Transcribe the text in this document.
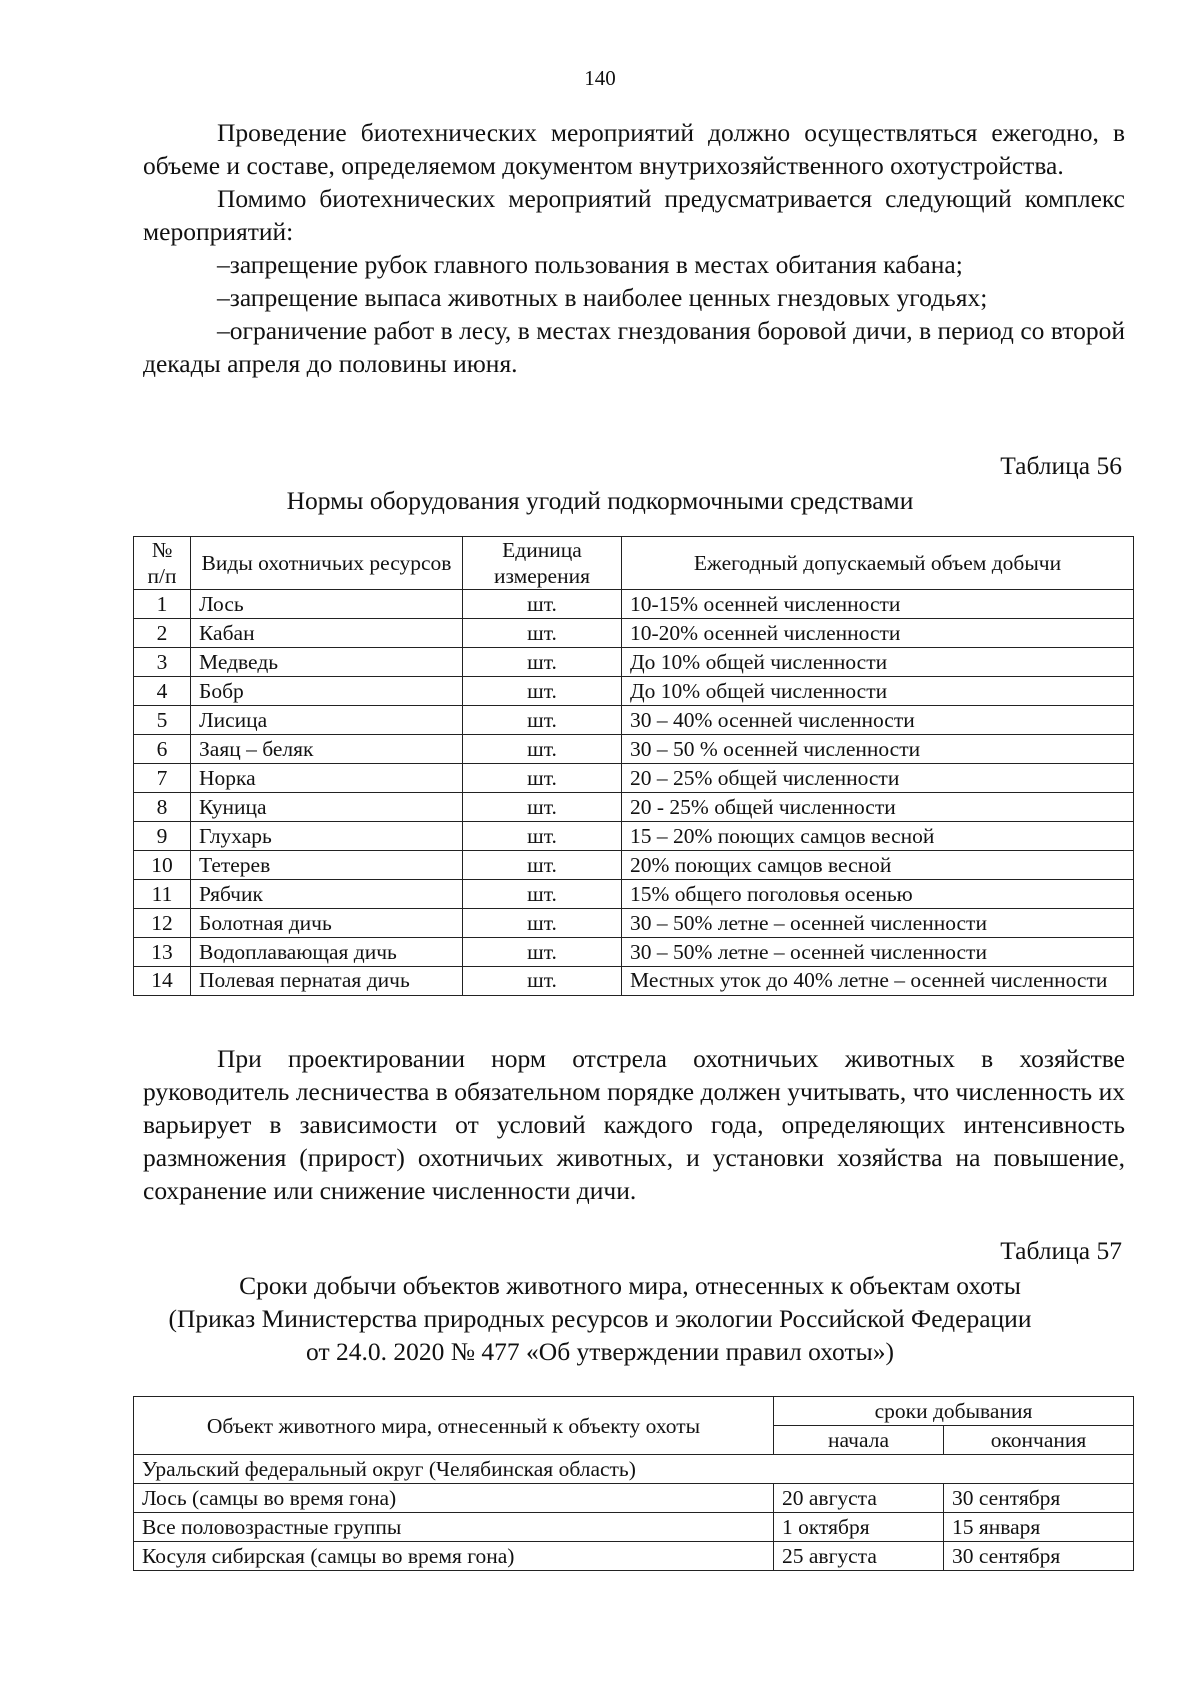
140

Проведение биотехнических мероприятий должно осуществляться ежегодно, в объеме и составе, определяемом документом внутрихозяйственного охотустройства.

Помимо биотехнических мероприятий предусматривается следующий комплекс мероприятий:

–запрещение рубок главного пользования в местах обитания кабана;

–запрещение выпаса животных в наиболее ценных гнездовых угодьях;

–ограничение работ в лесу, в местах гнездования боровой дичи, в период со второй декады апреля до половины июня.

Таблица 56
Нормы оборудования угодий подкормочными средствами
№ п/п	Виды охотничьих ресурсов	Единица измерения	Ежегодный допускаемый объем добычи
1	Лось	шт.	10-15% осенней численности
2	Кабан	шт.	10-20% осенней численности
3	Медведь	шт.	До 10% общей численности
4	Бобр	шт.	До 10% общей численности
5	Лисица	шт.	30 – 40% осенней численности
6	Заяц – беляк	шт.	30 – 50 % осенней численности
7	Норка	шт.	20 – 25% общей численности
8	Куница	шт.	20 - 25% общей численности
9	Глухарь	шт.	15 – 20% поющих самцов весной
10	Тетерев	шт.	20% поющих самцов весной
11	Рябчик	шт.	15% общего поголовья осенью
12	Болотная дичь	шт.	30 – 50% летне – осенней численности
13	Водоплавающая дичь	шт.	30 – 50% летне – осенней численности
14	Полевая пернатая дичь	шт.	Местных уток до 40% летне – осенней численности

При проектировании норм отстрела охотничьих животных в хозяйстве руководитель лесничества в обязательном порядке должен учитывать, что численность их варьирует в зависимости от условий каждого года, определяющих интенсивность размножения (прирост) охотничьих животных, и установки хозяйства на повышение, сохранение или снижение численности дичи.

Таблица 57
Сроки добычи объектов животного мира, отнесенных к объектам охоты
(Приказ Министерства природных ресурсов и экологии Российской Федерации
от 24.0. 2020 № 477 «Об утверждении правил охоты»)
Объект животного мира, отнесенный к объекту охоты	сроки добывания	
	начала	окончания
Уральский федеральный округ (Челябинская область)		
Лось (самцы во время гона)	20 августа	30 сентября
Все половозрастные группы	1 октября	15 января
Косуля сибирская (самцы во время гона)	25 августа	30 сентября
